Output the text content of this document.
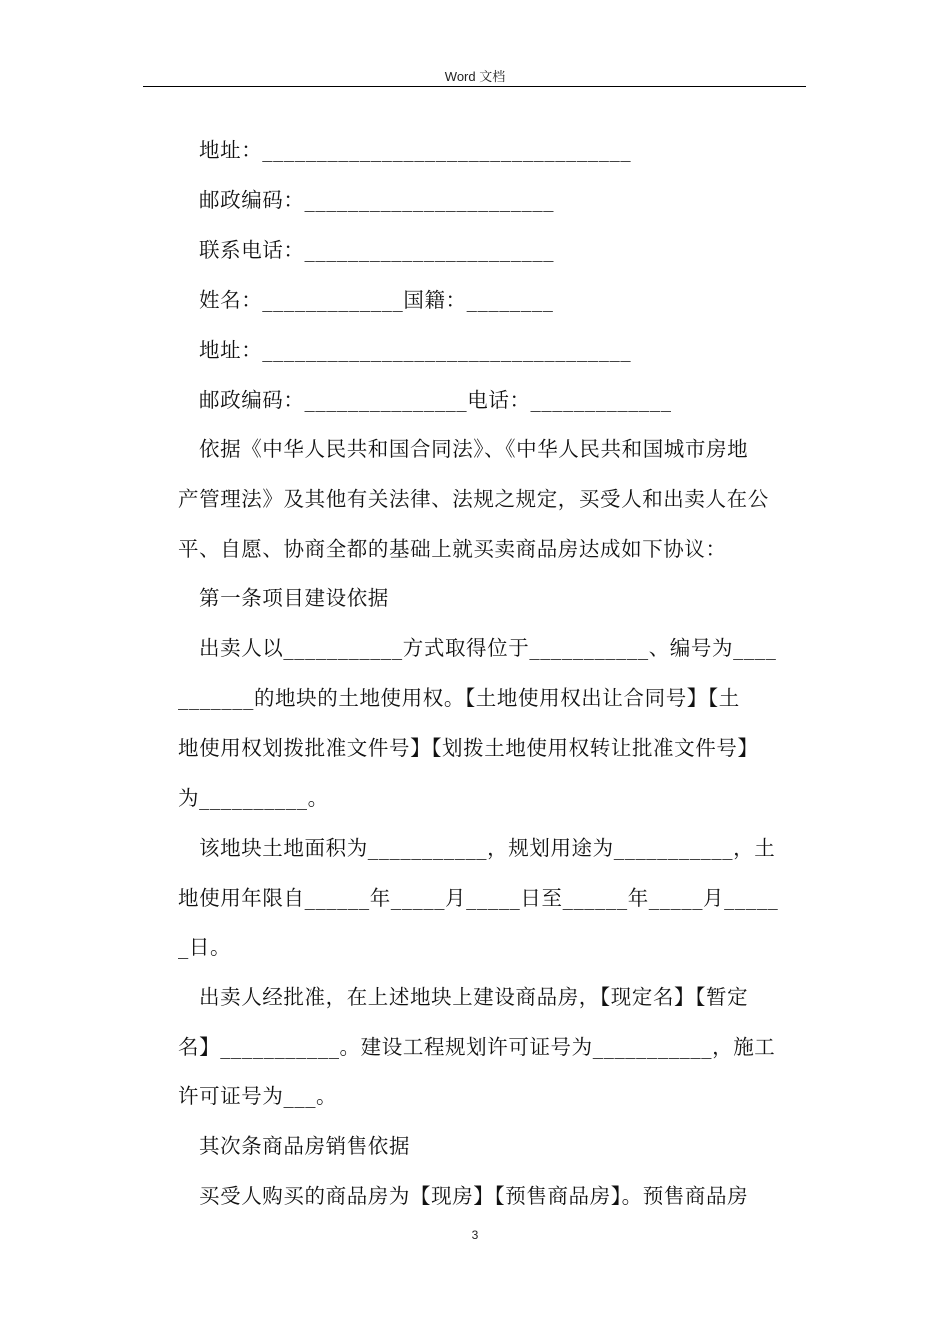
Word 文档
地址：__________________________________
邮政编码：_______________________
联系电话：_______________________
姓名：_____________国籍：________
地址：__________________________________
邮政编码：_______________电话：_____________
依据《中华人民共和国合同法》、《中华人民共和国城市房地
产管理法》及其他有关法律、法规之规定，买受人和出卖人在公
平、自愿、协商全都的基础上就买卖商品房达成如下协议：
第一条项目建设依据
出卖人以___________方式取得位于___________、编号为____
_______的地块的土地使用权。【土地使用权出让合同号】【土
地使用权划拨批准文件号】【划拨土地使用权转让批准文件号】
为__________。
该地块土地面积为___________，规划用途为___________，土
地使用年限自______年_____月_____日至______年_____月_____
_日。
出卖人经批准，在上述地块上建设商品房，【现定名】【暂定
名】___________。建设工程规划许可证号为___________，施工
许可证号为___。
其次条商品房销售依据
买受人购买的商品房为【现房】【预售商品房】。预售商品房
3
